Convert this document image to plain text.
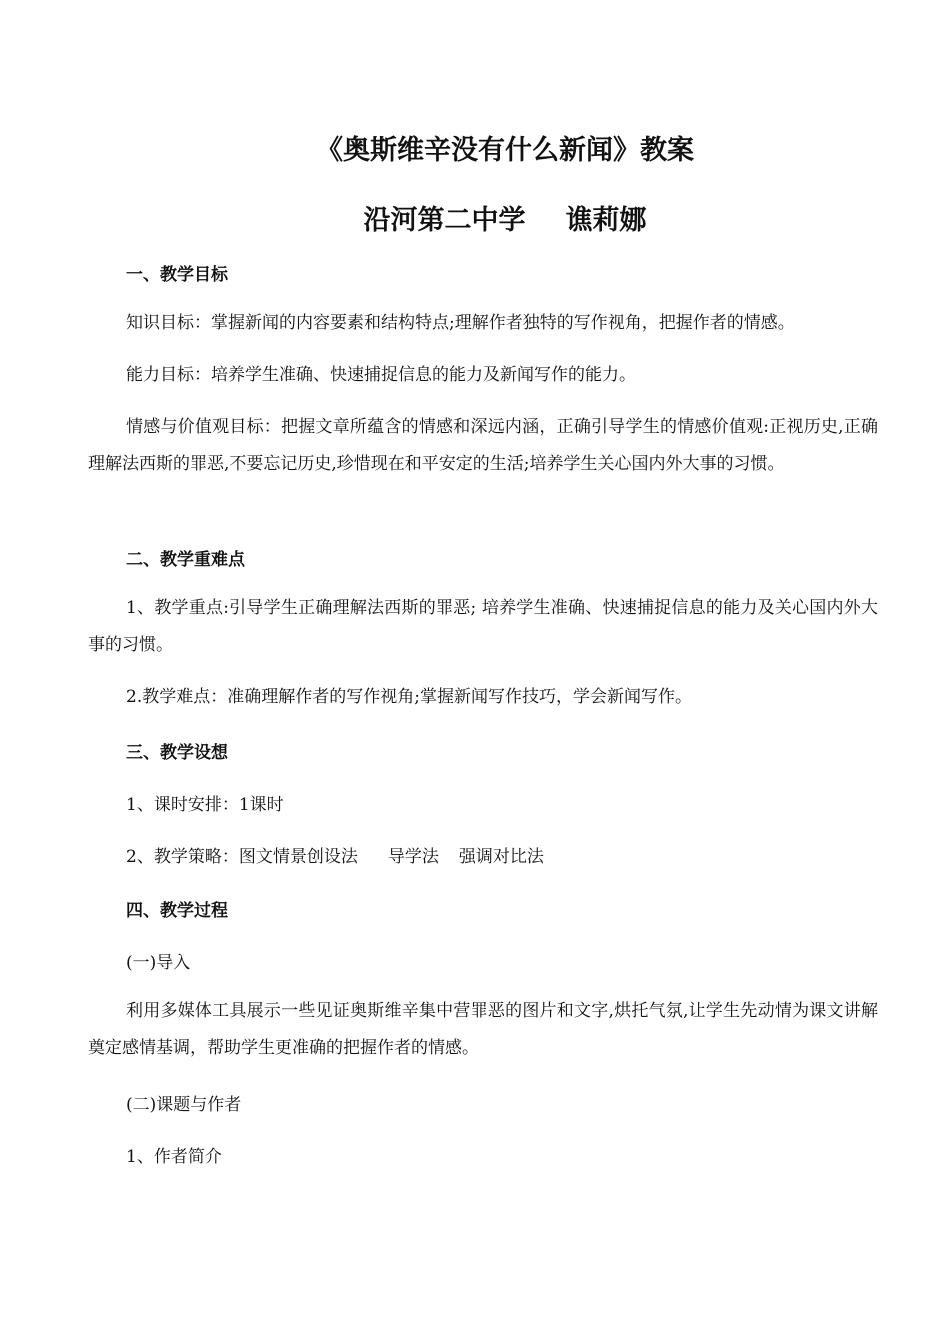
《奥斯维辛没有什么新闻》教案
沿河第二中学 谯莉娜
一、教学目标

知识目标：掌握新闻的内容要素和结构特点;理解作者独特的写作视角，把握作者的情感。

能力目标：培养学生准确、快速捕捉信息的能力及新闻写作的能力。

情感与价值观目标：把握文章所蕴含的情感和深远内涵，正确引导学生的情感价值观:正视历史,正确理解法西斯的罪恶,不要忘记历史,珍惜现在和平安定的生活;培养学生关心国内外大事的习惯。

二、教学重难点

1、教学重点:引导学生正确理解法西斯的罪恶; 培养学生准确、快速捕捉信息的能力及关心国内外大事的习惯。

2.教学难点：准确理解作者的写作视角;掌握新闻写作技巧，学会新闻写作。

三、教学设想

1、课时安排：1课时

2、教学策略：图文情景创设法 导学法 强调对比法

四、教学过程

(一)导入

利用多媒体工具展示一些见证奥斯维辛集中营罪恶的图片和文字,烘托气氛,让学生先动情为课文讲解奠定感情基调，帮助学生更准确的把握作者的情感。

(二)课题与作者

1、作者简介
